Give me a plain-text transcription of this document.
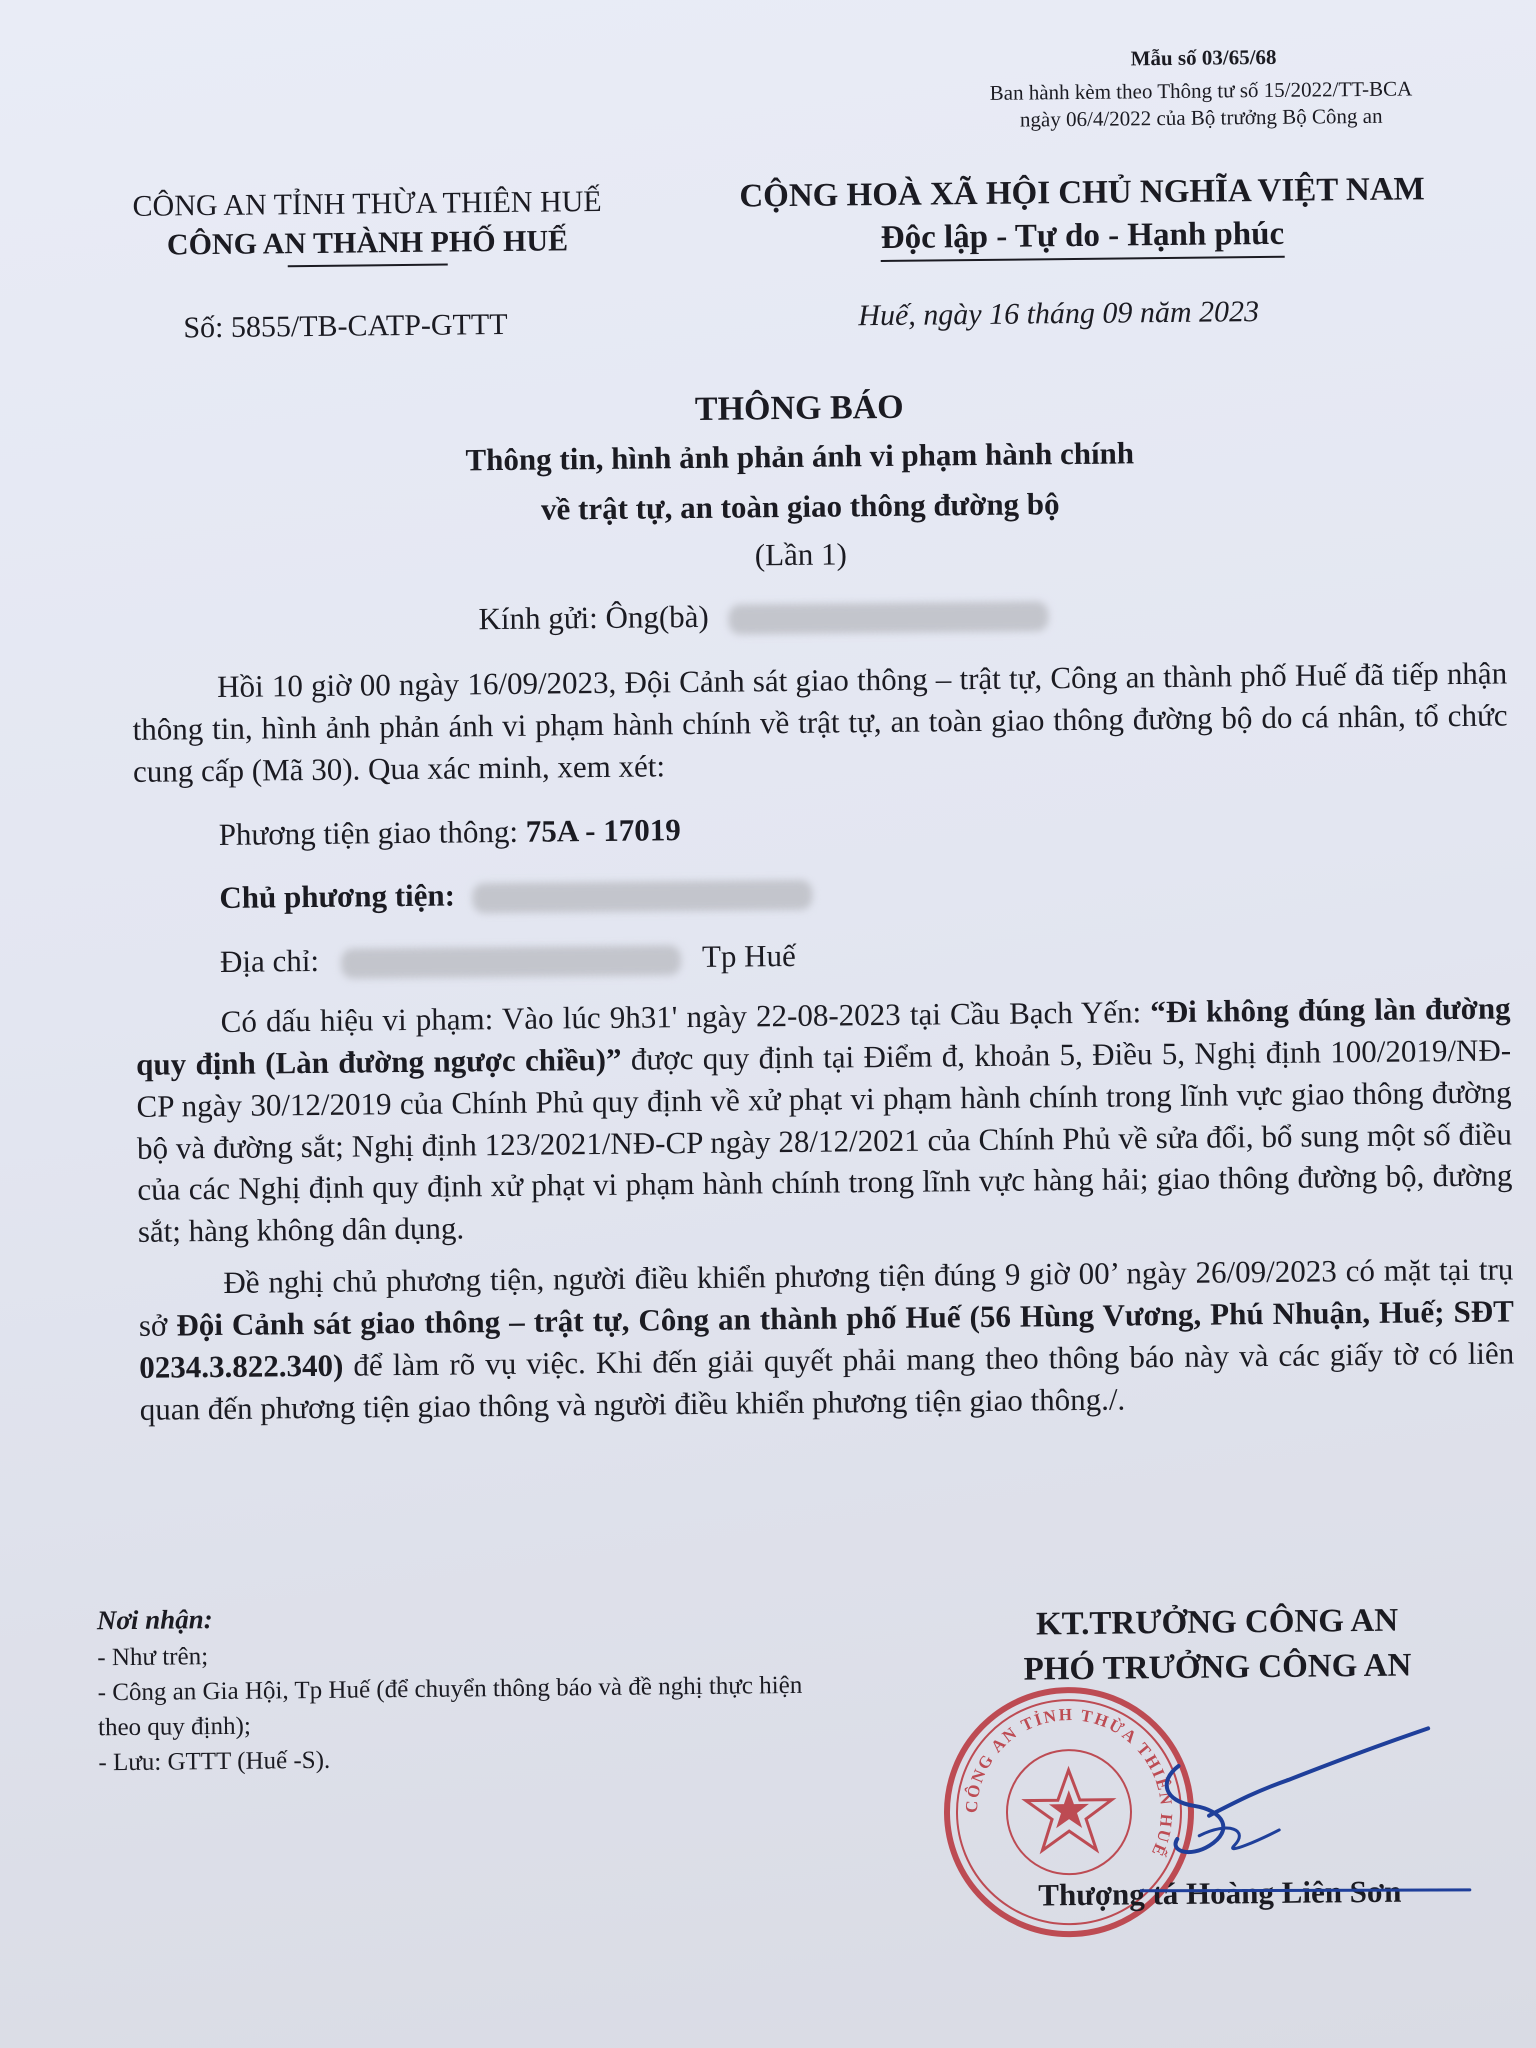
Mẫu số 03/65/68
Ban hành kèm theo Thông tư số 15/2022/TT-BCA
ngày 06/4/2022 của Bộ trưởng Bộ Công an
CÔNG AN TỈNH THỪA THIÊN HUẾ
CÔNG AN THÀNH PHỐ HUẾ
CỘNG HOÀ XÃ HỘI CHỦ NGHĨA VIỆT NAM
Độc lập - Tự do - Hạnh phúc
Số: 5855/TB-CATP-GTTT	Huế, ngày 16 tháng 09 năm 2023
THÔNG BÁO
Thông tin, hình ảnh phản ánh vi phạm hành chính
về trật tự, an toàn giao thông đường bộ
(Lần 1)
Kính gửi: Ông(bà)

Hồi 10 giờ 00 ngày 16/09/2023, Đội Cảnh sát giao thông – trật tự, Công an thành phố Huế đã tiếp nhận thông tin, hình ảnh phản ánh vi phạm hành chính về trật tự, an toàn giao thông đường bộ do cá nhân, tổ chức cung cấp (Mã 30). Qua xác minh, xem xét:

Phương tiện giao thông: 75A - 17019

Chủ phương tiện:

Địa chỉ:	Tp Huế

Có dấu hiệu vi phạm: Vào lúc 9h31' ngày 22-08-2023 tại Cầu Bạch Yến: “Đi không đúng làn đường quy định (Làn đường ngược chiều)” được quy định tại Điểm đ, khoản 5, Điều 5, Nghị định 100/2019/NĐ-CP ngày 30/12/2019 của Chính Phủ quy định về xử phạt vi phạm hành chính trong lĩnh vực giao thông đường bộ và đường sắt; Nghị định 123/2021/NĐ-CP ngày 28/12/2021 của Chính Phủ về sửa đổi, bổ sung một số điều của các Nghị định quy định xử phạt vi phạm hành chính trong lĩnh vực hàng hải; giao thông đường bộ, đường sắt; hàng không dân dụng.

Đề nghị chủ phương tiện, người điều khiển phương tiện đúng 9 giờ 00’ ngày 26/09/2023 có mặt tại trụ sở Đội Cảnh sát giao thông – trật tự, Công an thành phố Huế (56 Hùng Vương, Phú Nhuận, Huế; SĐT 0234.3.822.340) để làm rõ vụ việc. Khi đến giải quyết phải mang theo thông báo này và các giấy tờ có liên quan đến phương tiện giao thông và người điều khiển phương tiện giao thông./.

Nơi nhận:
- Như trên;
- Công an Gia Hội, Tp Huế (để chuyển thông báo và đề nghị thực hiện theo quy định);
- Lưu: GTTT (Huế -S).
KT.TRƯỞNG CÔNG AN
PHÓ TRƯỞNG CÔNG AN
CÔNG AN TỈNH THỪA THIÊN HUẾ
Thượng tá Hoàng Liên Sơn
